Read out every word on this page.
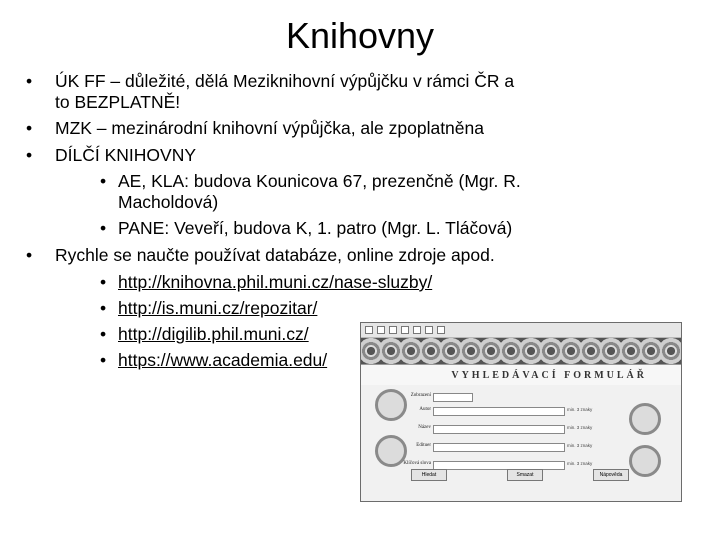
Knihovny
• ÚK FF – důležité, dělá Meziknihovní výpůjčku v rámci ČR a
to BEZPLATNĚ!
• MZK – mezinárodní knihovní výpůjčka, ale zpoplatněna
• DÍLČÍ KNIHOVNY
• AE, KLA: budova Kounicova 67, prezenčně (Mgr. R.
Macholdová)
• PANE: Veveří, budova K, 1. patro (Mgr. L. Tláčová)
• Rychle se naučte používat databáze, online zdroje apod.
• http://knihovna.phil.muni.cz/nase-sluzby/
• http://is.muni.cz/repozitar/
• http://digilib.phil.muni.cz/
• https://www.academia.edu/
VYHLEDÁVACÍ FORMULÁŘ
Zobrazení
Autor	min. 3 znaky
Název	min. 3 znaky
Edituer	min. 3 znaky
Klíčová slova	min. 3 znaky
Hledat	Smazat	Nápověda
